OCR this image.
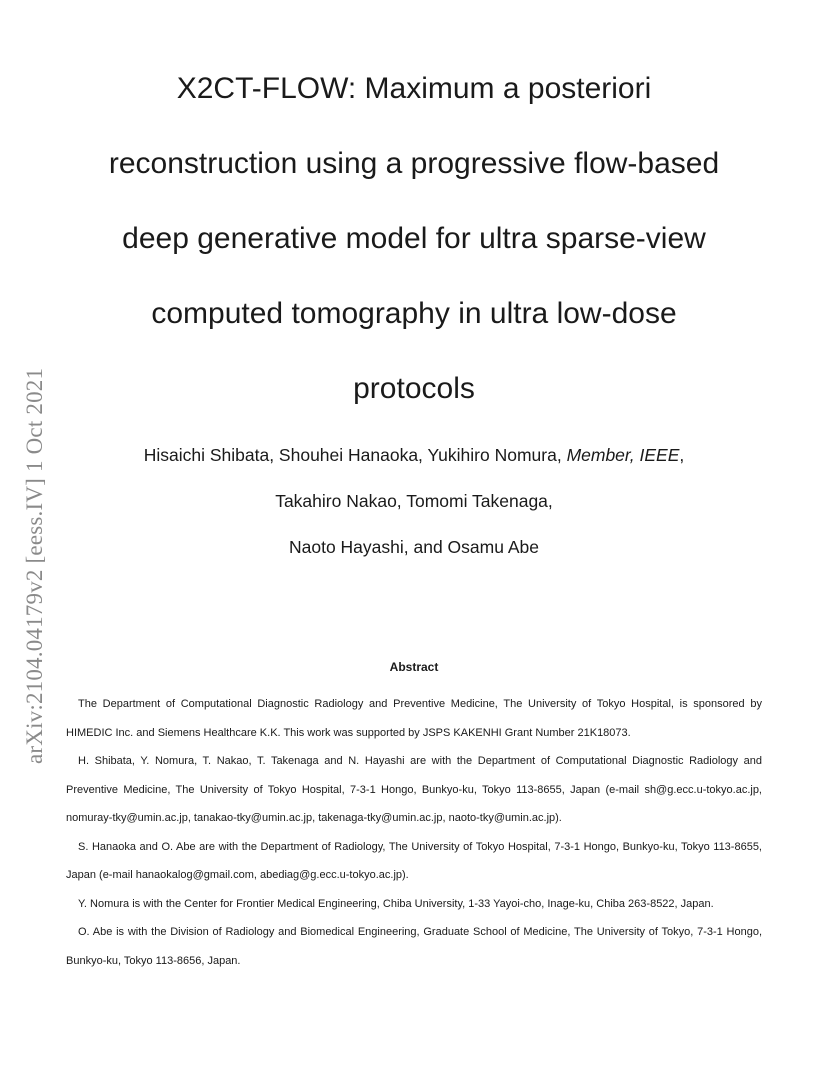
arXiv:2104.04179v2 [eess.IV] 1 Oct 2021
X2CT-FLOW: Maximum a posteriori
reconstruction using a progressive flow-based
deep generative model for ultra sparse-view
computed tomography in ultra low-dose
protocols
Hisaichi Shibata, Shouhei Hanaoka, Yukihiro Nomura, Member, IEEE,
Takahiro Nakao, Tomomi Takenaga,
Naoto Hayashi, and Osamu Abe
Abstract

The Department of Computational Diagnostic Radiology and Preventive Medicine, The University of Tokyo Hospital, is sponsored by HIMEDIC Inc. and Siemens Healthcare K.K. This work was supported by JSPS KAKENHI Grant Number 21K18073.

H. Shibata, Y. Nomura, T. Nakao, T. Takenaga and N. Hayashi are with the Department of Computational Diagnostic Radiology and Preventive Medicine, The University of Tokyo Hospital, 7-3-1 Hongo, Bunkyo-ku, Tokyo 113-8655, Japan (e-mail sh@g.ecc.u-tokyo.ac.jp, nomuray-tky@umin.ac.jp, tanakao-tky@umin.ac.jp, takenaga-tky@umin.ac.jp, naoto-tky@umin.ac.jp).

S. Hanaoka and O. Abe are with the Department of Radiology, The University of Tokyo Hospital, 7-3-1 Hongo, Bunkyo-ku, Tokyo 113-8655, Japan (e-mail hanaokalog@gmail.com, abediag@g.ecc.u-tokyo.ac.jp).

Y. Nomura is with the Center for Frontier Medical Engineering, Chiba University, 1-33 Yayoi-cho, Inage-ku, Chiba 263-8522, Japan.

O. Abe is with the Division of Radiology and Biomedical Engineering, Graduate School of Medicine, The University of Tokyo, 7-3-1 Hongo, Bunkyo-ku, Tokyo 113-8656, Japan.
